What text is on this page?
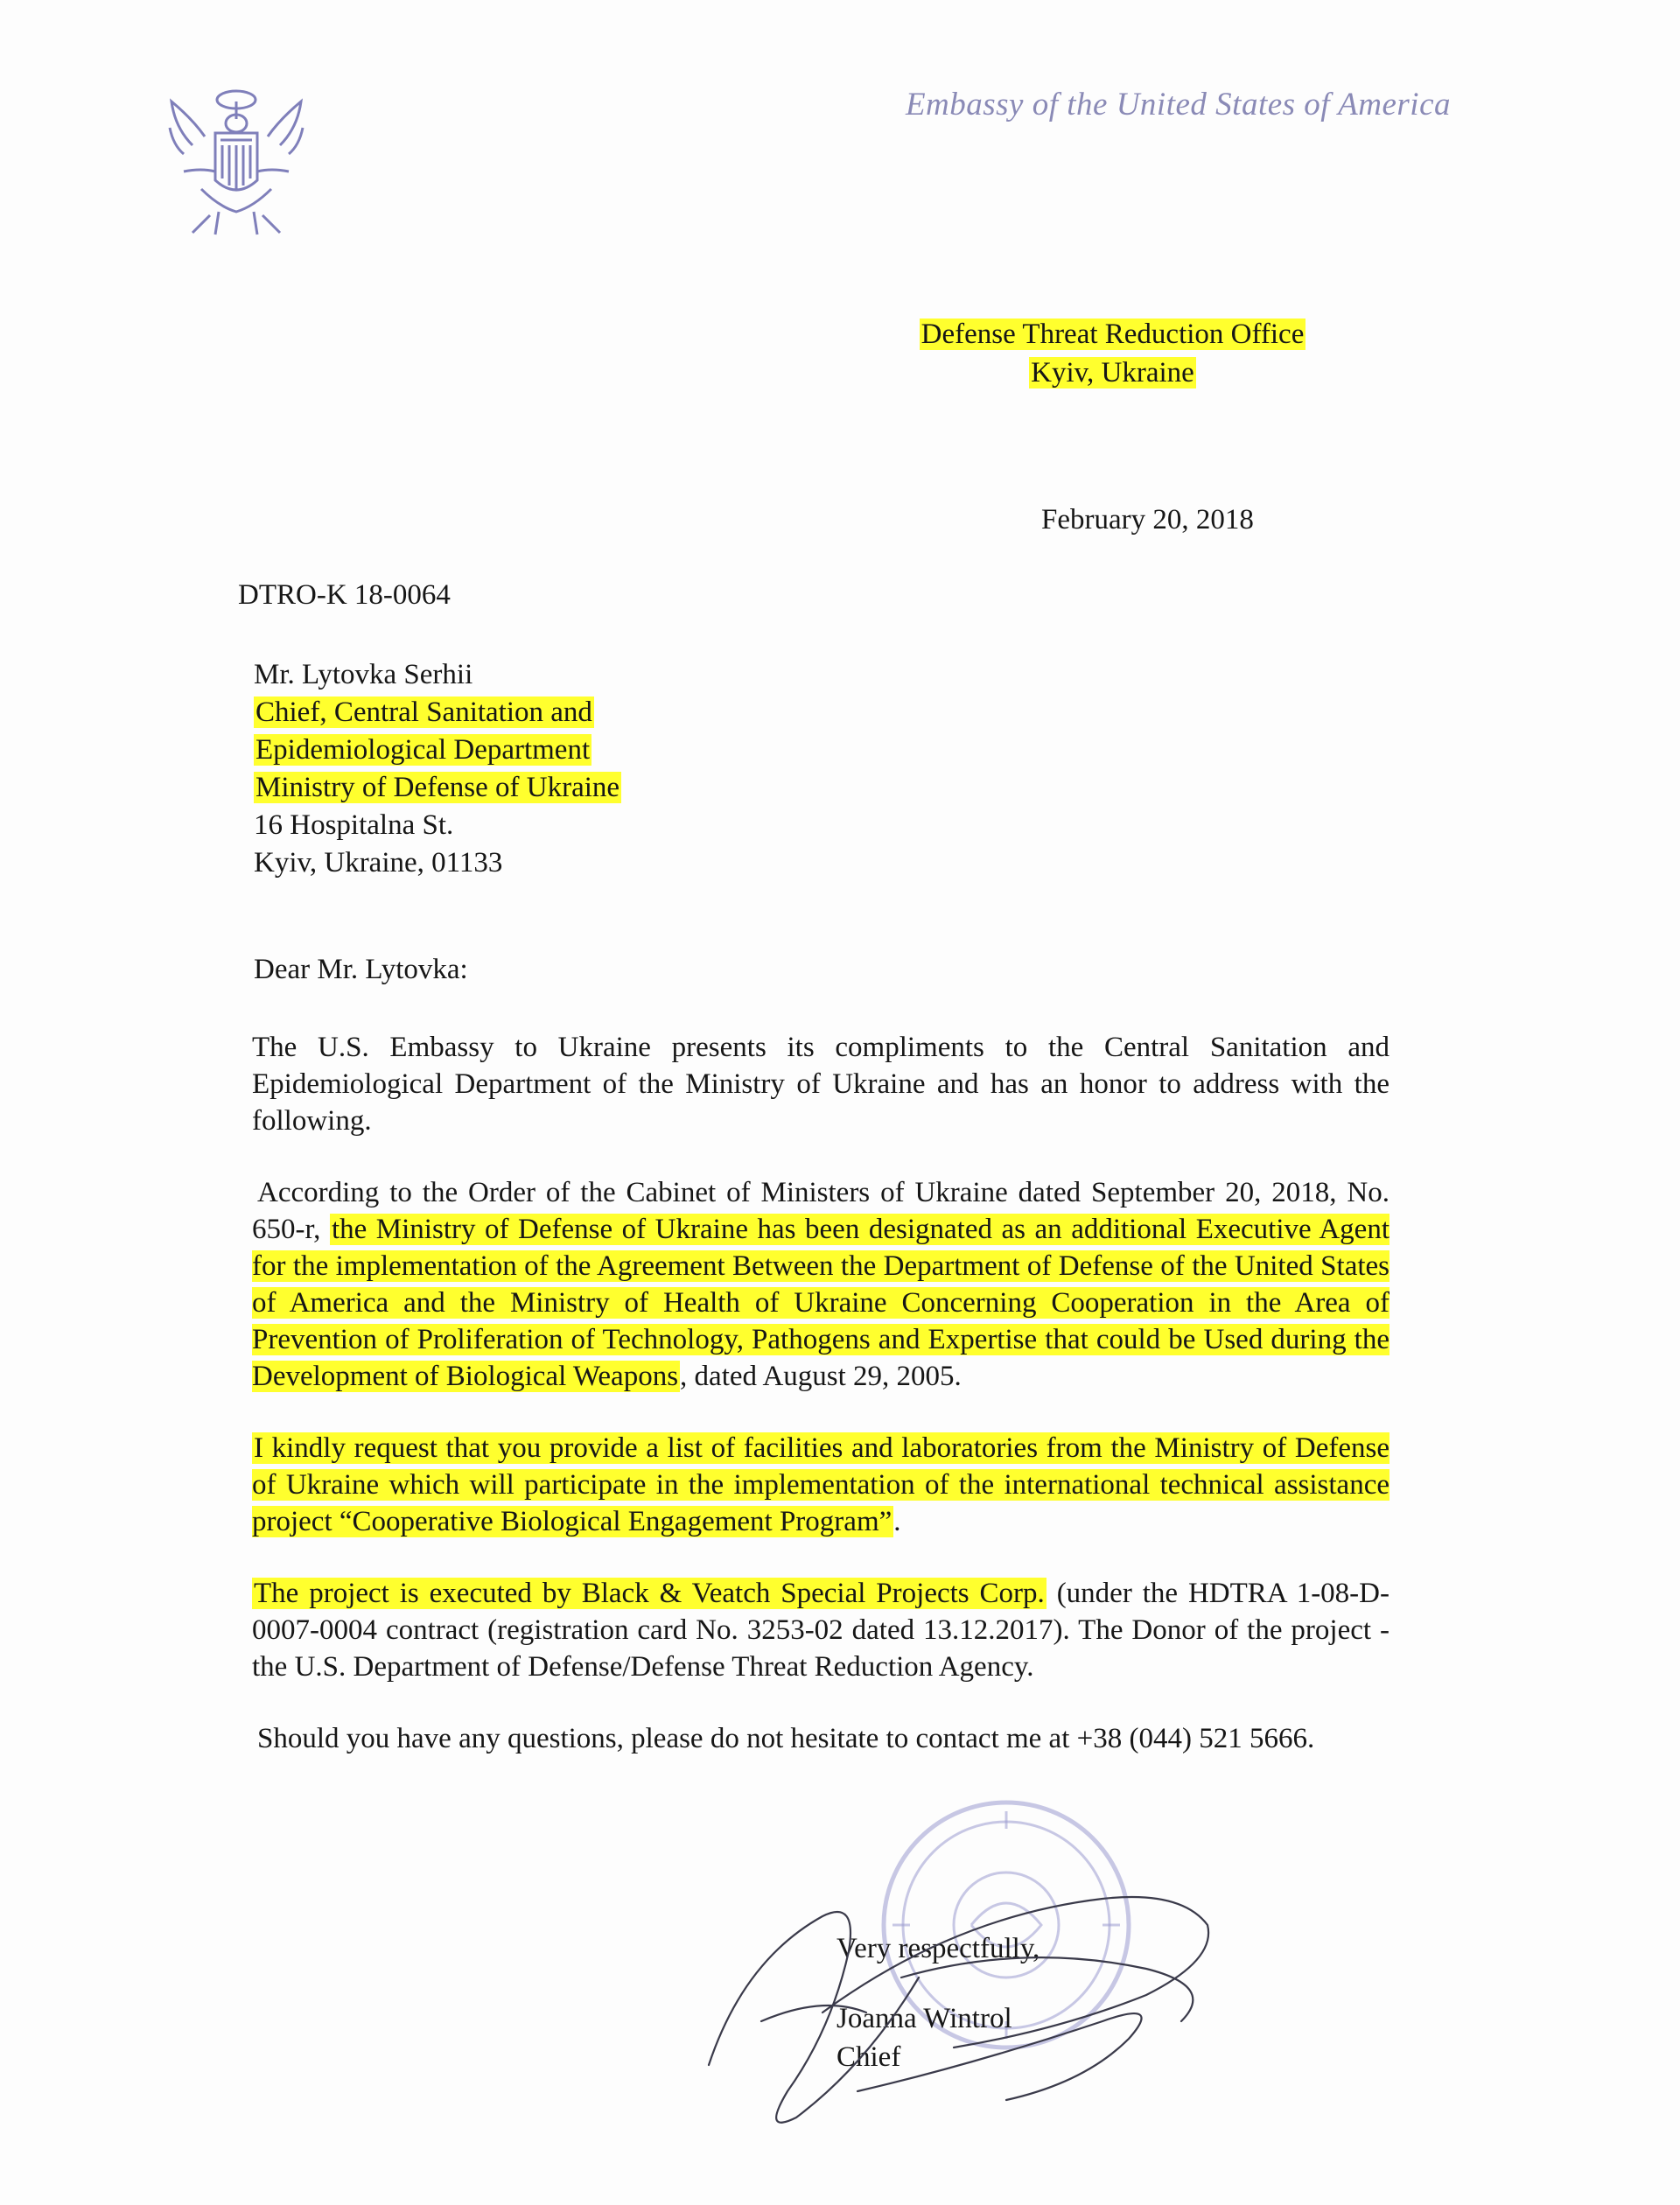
Embassy of the United States of America
Defense Threat Reduction Office
Kyiv, Ukraine
February 20, 2018
DTRO-K 18-0064
Mr. Lytovka Serhii
Chief, Central Sanitation and
Epidemiological Department
Ministry of Defense of Ukraine
16 Hospitalna St.
Kyiv, Ukraine, 01133
Dear Mr. Lytovka:

The U.S. Embassy to Ukraine presents its compliments to the Central Sanitation and Epidemiological Department of the Ministry of Ukraine and has an honor to address with the following.

According to the Order of the Cabinet of Ministers of Ukraine dated September 20, 2018, No. 650-r, the Ministry of Defense of Ukraine has been designated as an additional Executive Agent for the implementation of the Agreement Between the Department of Defense of the United States of America and the Ministry of Health of Ukraine Concerning Cooperation in the Area of Prevention of Proliferation of Technology, Pathogens and Expertise that could be Used during the Development of Biological Weapons, dated August 29, 2005.

I kindly request that you provide a list of facilities and laboratories from the Ministry of Defense of Ukraine which will participate in the implementation of the international technical assistance project “Cooperative Biological Engagement Program”.

The project is executed by Black & Veatch Special Projects Corp. (under the HDTRA 1-08-D-0007-0004 contract (registration card No. 3253-02 dated 13.12.2017). The Donor of the project - the U.S. Department of Defense/Defense Threat Reduction Agency.

Should you have any questions, please do not hesitate to contact me at +38 (044) 521 5666.

Very respectfully,
Joanna Wintrol
Chief
